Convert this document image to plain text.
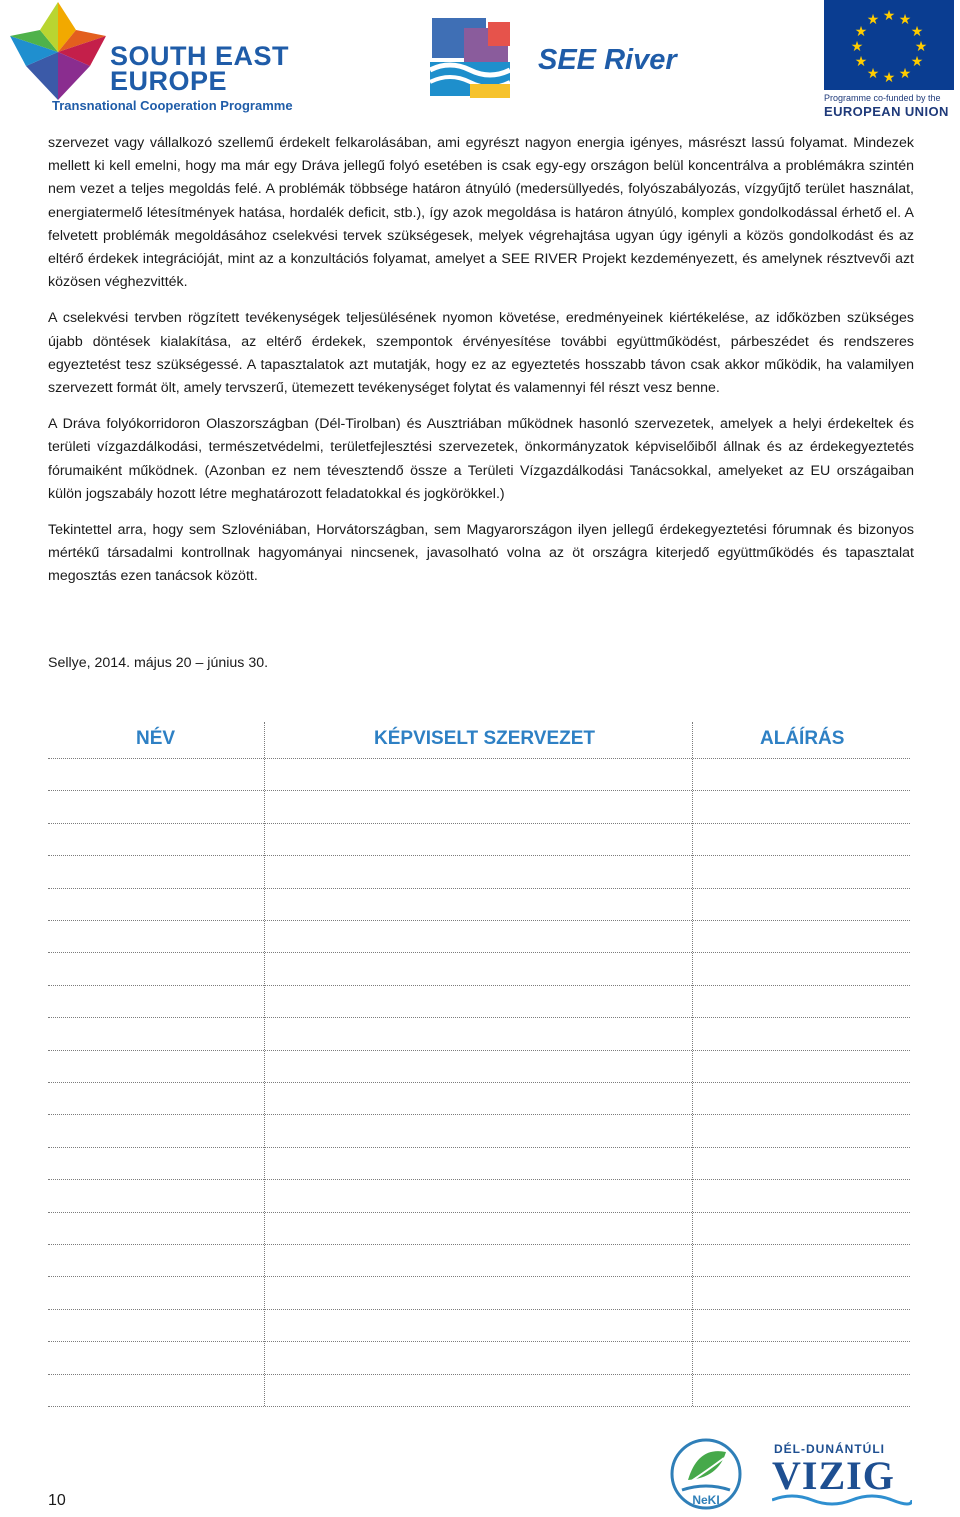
SOUTH EAST
EUROPE
Transnational Cooperation Programme
SEE River
★ ★
★
★
★
★
★
★
★
★
★
★
Programme co-funded by the
EUROPEAN UNION

szervezet vagy vállalkozó szellemű érdekelt felkarolásában, ami egyrészt nagyon energia igényes, másrészt lassú folyamat. Mindezek mellett ki kell emelni, hogy ma már egy Dráva jellegű folyó esetében is csak egy-egy országon belül koncentrálva a problémákra szintén nem vezet a teljes megoldás felé. A problémák többsége határon átnyúló (medersüllyedés, folyószabályozás, vízgyűjtő terület használat, energiatermelő létesítmények hatása, hordalék deficit, stb.), így azok megoldása is határon átnyúló, komplex gondolkodással érhető el. A felvetett problémák megoldásához cselekvési tervek szükségesek, melyek végrehajtása ugyan úgy igényli a közös gondolkodást és az eltérő érdekek integrációját, mint az a konzultációs folyamat, amelyet a SEE RIVER Projekt kezdeményezett, és amelynek résztvevői azt közösen véghezvitték.

A cselekvési tervben rögzített tevékenységek teljesülésének nyomon követése, eredményeinek kiértékelése, az időközben szükséges újabb döntések kialakítása, az eltérő érdekek, szempontok érvényesítése további együttműködést, párbeszédet és rendszeres egyeztetést tesz szükségessé. A tapasztalatok azt mutatják, hogy ez az egyeztetés hosszabb távon csak akkor működik, ha valamilyen szervezett formát ölt, amely tervszerű, ütemezett tevékenységet folytat és valamennyi fél részt vesz benne.

A Dráva folyókorridoron Olaszországban (Dél-Tirolban) és Ausztriában működnek hasonló szervezetek, amelyek a helyi érdekeltek és területi vízgazdálkodási, természetvédelmi, területfejlesztési szervezetek, önkormányzatok képviselőiből állnak és az érdekegyeztetés fórumaiként működnek. (Azonban ez nem tévesztendő össze a Területi Vízgazdálkodási Tanácsokkal, amelyeket az EU országaiban külön jogszabály hozott létre meghatározott feladatokkal és jogkörökkel.)

Tekintettel arra, hogy sem Szlovéniában, Horvátországban, sem Magyarországon ilyen jellegű érdekegyeztetési fórumnak és bizonyos mértékű társadalmi kontrollnak hagyományai nincsenek, javasolható volna az öt országra kiterjedő együttműködés és tapasztalat megosztás ezen tanácsok között.

Sellye, 2014. május 20 – június 30.
NÉV	KÉPVISELT SZERVEZET	ALÁÍRÁS
10	NeKI
DÉL-DUNÁNTÚLI
VIZIG
